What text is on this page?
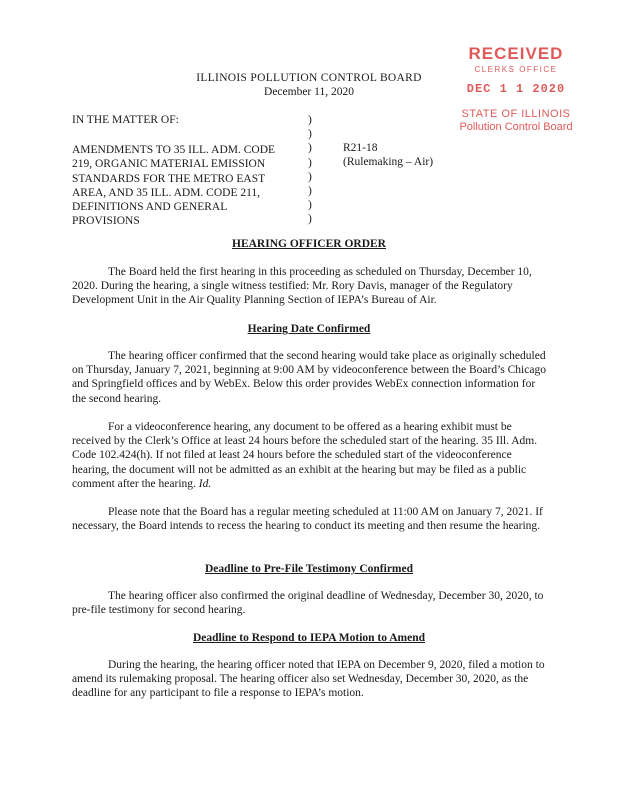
RECEIVED
CLERKS OFFICE
DEC 1 1 2020
STATE OF ILLINOIS
Pollution Control Board
ILLINOIS POLLUTION CONTROL BOARD
December 11, 2020
IN THE MATTER OF:
AMENDMENTS TO 35 ILL. ADM. CODE
219, ORGANIC MATERIAL EMISSION
STANDARDS FOR THE METRO EAST
AREA, AND 35 ILL. ADM. CODE 211,
DEFINITIONS AND GENERAL
PROVISIONS
)
)
)
)
)
)
)
)
R21-18
(Rulemaking – Air)
HEARING OFFICER ORDER

The Board held the first hearing in this proceeding as scheduled on Thursday, December 10, 2020. During the hearing, a single witness testified: Mr. Rory Davis, manager of the Regulatory Development Unit in the Air Quality Planning Section of IEPA’s Bureau of Air.

Hearing Date Confirmed

The hearing officer confirmed that the second hearing would take place as originally scheduled on Thursday, January 7, 2021, beginning at 9:00 AM by videoconference between the Board’s Chicago and Springfield offices and by WebEx. Below this order provides WebEx connection information for the second hearing.

For a videoconference hearing, any document to be offered as a hearing exhibit must be received by the Clerk’s Office at least 24 hours before the scheduled start of the hearing. 35 Ill. Adm. Code 102.424(h). If not filed at least 24 hours before the scheduled start of the videoconference hearing, the document will not be admitted as an exhibit at the hearing but may be filed as a public comment after the hearing. Id.

Please note that the Board has a regular meeting scheduled at 11:00 AM on January 7, 2021. If necessary, the Board intends to recess the hearing to conduct its meeting and then resume the hearing.

Deadline to Pre-File Testimony Confirmed

The hearing officer also confirmed the original deadline of Wednesday, December 30, 2020, to pre-file testimony for second hearing.

Deadline to Respond to IEPA Motion to Amend

During the hearing, the hearing officer noted that IEPA on December 9, 2020, filed a motion to amend its rulemaking proposal. The hearing officer also set Wednesday, December 30, 2020, as the deadline for any participant to file a response to IEPA’s motion.
